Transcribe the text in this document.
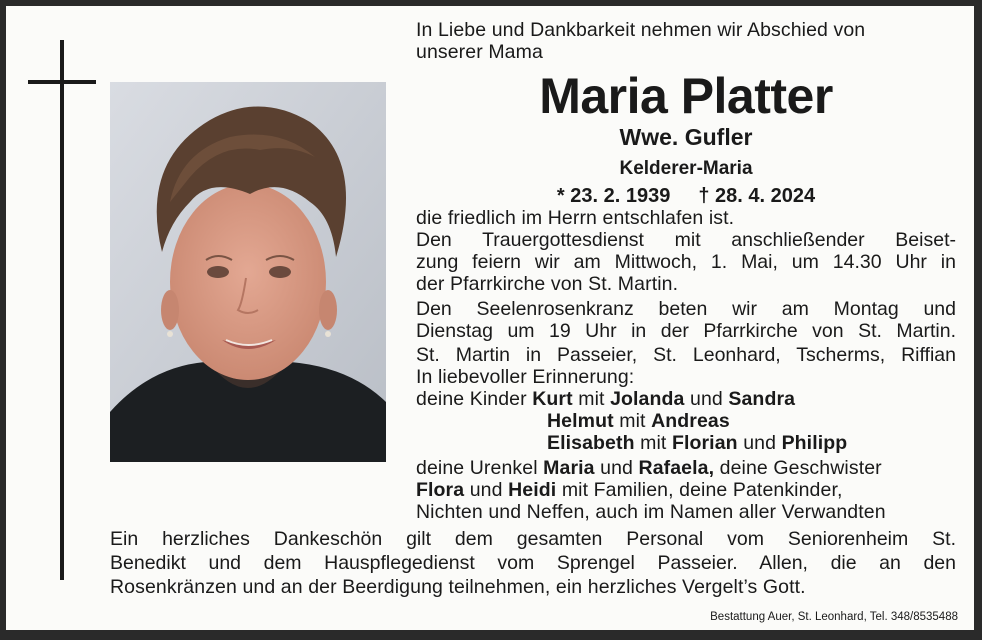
In Liebe und Dankbarkeit nehmen wir Abschied von
unserer Mama
Maria Platter
Wwe. Gufler
Kelderer-Maria
* 23. 2. 1939 † 28. 4. 2024
die friedlich im Herrn entschlafen ist.
Den Trauergottesdienst mit anschließender Beiset-
zung feiern wir am Mittwoch, 1. Mai, um 14.30 Uhr in
der Pfarrkirche von St. Martin.
Den Seelenrosenkranz beten wir am Montag und
Dienstag um 19 Uhr in der Pfarrkirche von St. Martin.
St. Martin in Passeier, St. Leonhard, Tscherms, Riffian
In liebevoller Erinnerung:
deine Kinder Kurt mit Jolanda und Sandra
Helmut mit Andreas
Elisabeth mit Florian und Philipp
deine Urenkel Maria und Rafaela, deine Geschwister
Flora und Heidi mit Familien, deine Patenkinder,
Nichten und Neffen, auch im Namen aller Verwandten
Ein herzliches Dankeschön gilt dem gesamten Personal vom Seniorenheim St.
Benedikt und dem Hauspflegedienst vom Sprengel Passeier. Allen, die an den
Rosenkränzen und an der Beerdigung teilnehmen, ein herzliches Vergelt’s Gott.
Bestattung Auer, St. Leonhard, Tel. 348/8535488
